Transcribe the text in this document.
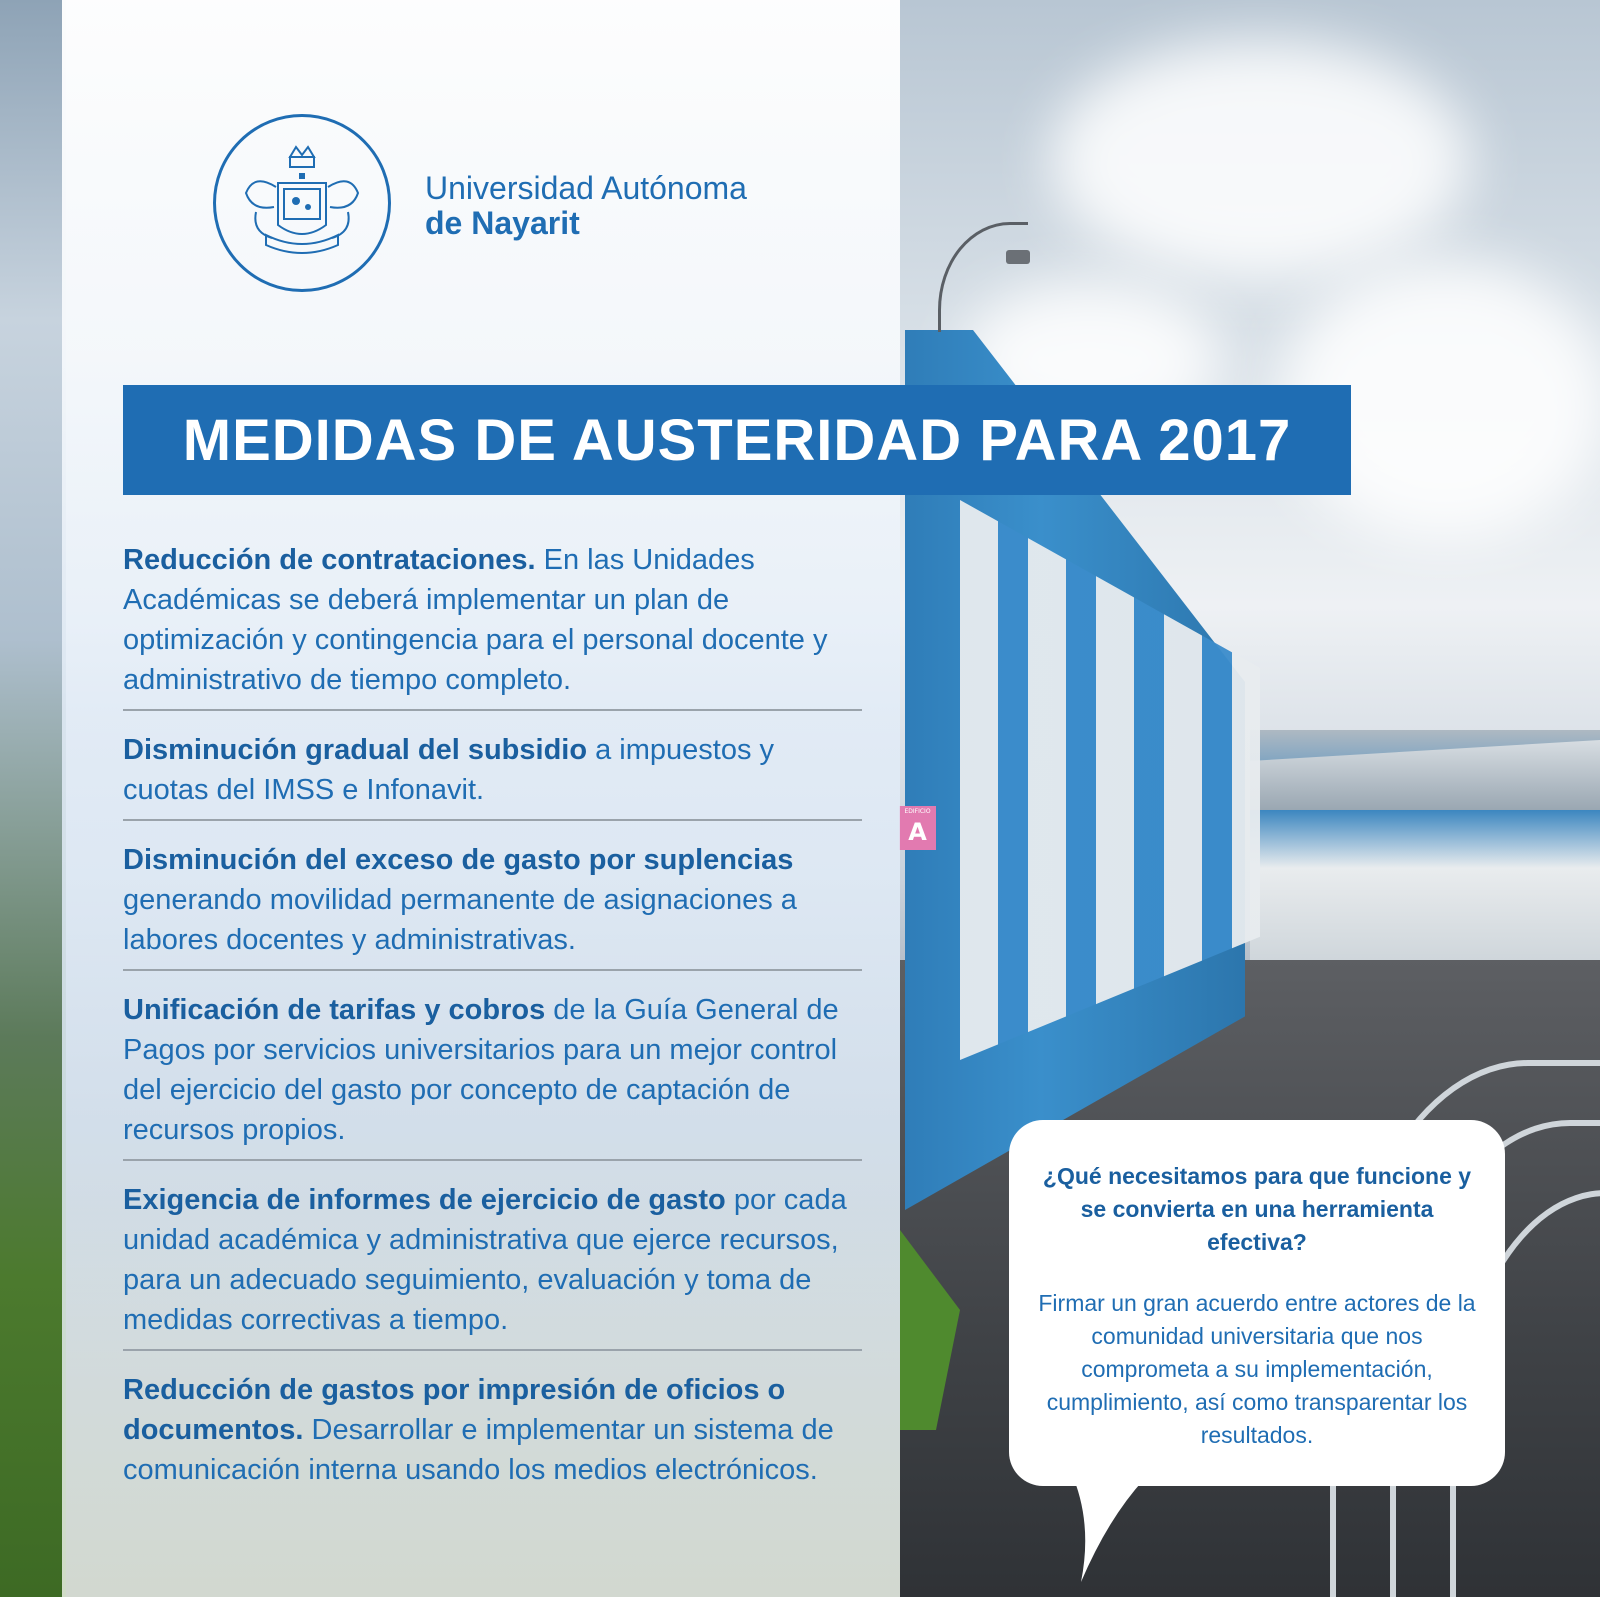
EDIFICIO
A
Universidad Autónoma
de Nayarit
MEDIDAS DE AUSTERIDAD PARA 2017

Reducción de contrataciones. En las Unidades Académicas se deberá implementar un plan de optimización y contingencia para el personal docente y administrativo de tiempo completo.

Disminución gradual del subsidio a impuestos y cuotas del IMSS e Infonavit.

Disminución del exceso de gasto por suplencias generando movilidad permanente de asignaciones a labores docentes y administrativas.

Unificación de tarifas y cobros de la Guía General de Pagos por servicios universitarios para un mejor control del ejercicio del gasto por concepto de captación de recursos propios.

Exigencia de informes de ejercicio de gasto por cada unidad académica y administrativa que ejerce recursos, para un adecuado seguimiento, evaluación y toma de medidas correctivas a tiempo.

Reducción de gastos por impresión de oficios o documentos. Desarrollar e implementar un sistema de comunicación interna usando los medios electrónicos.

¿Qué necesitamos para que funcione y se convierta en una herramienta efectiva?

Firmar un gran acuerdo entre actores de la comunidad universitaria que nos comprometa a su implementación, cumplimiento, así como transparentar los resultados.
